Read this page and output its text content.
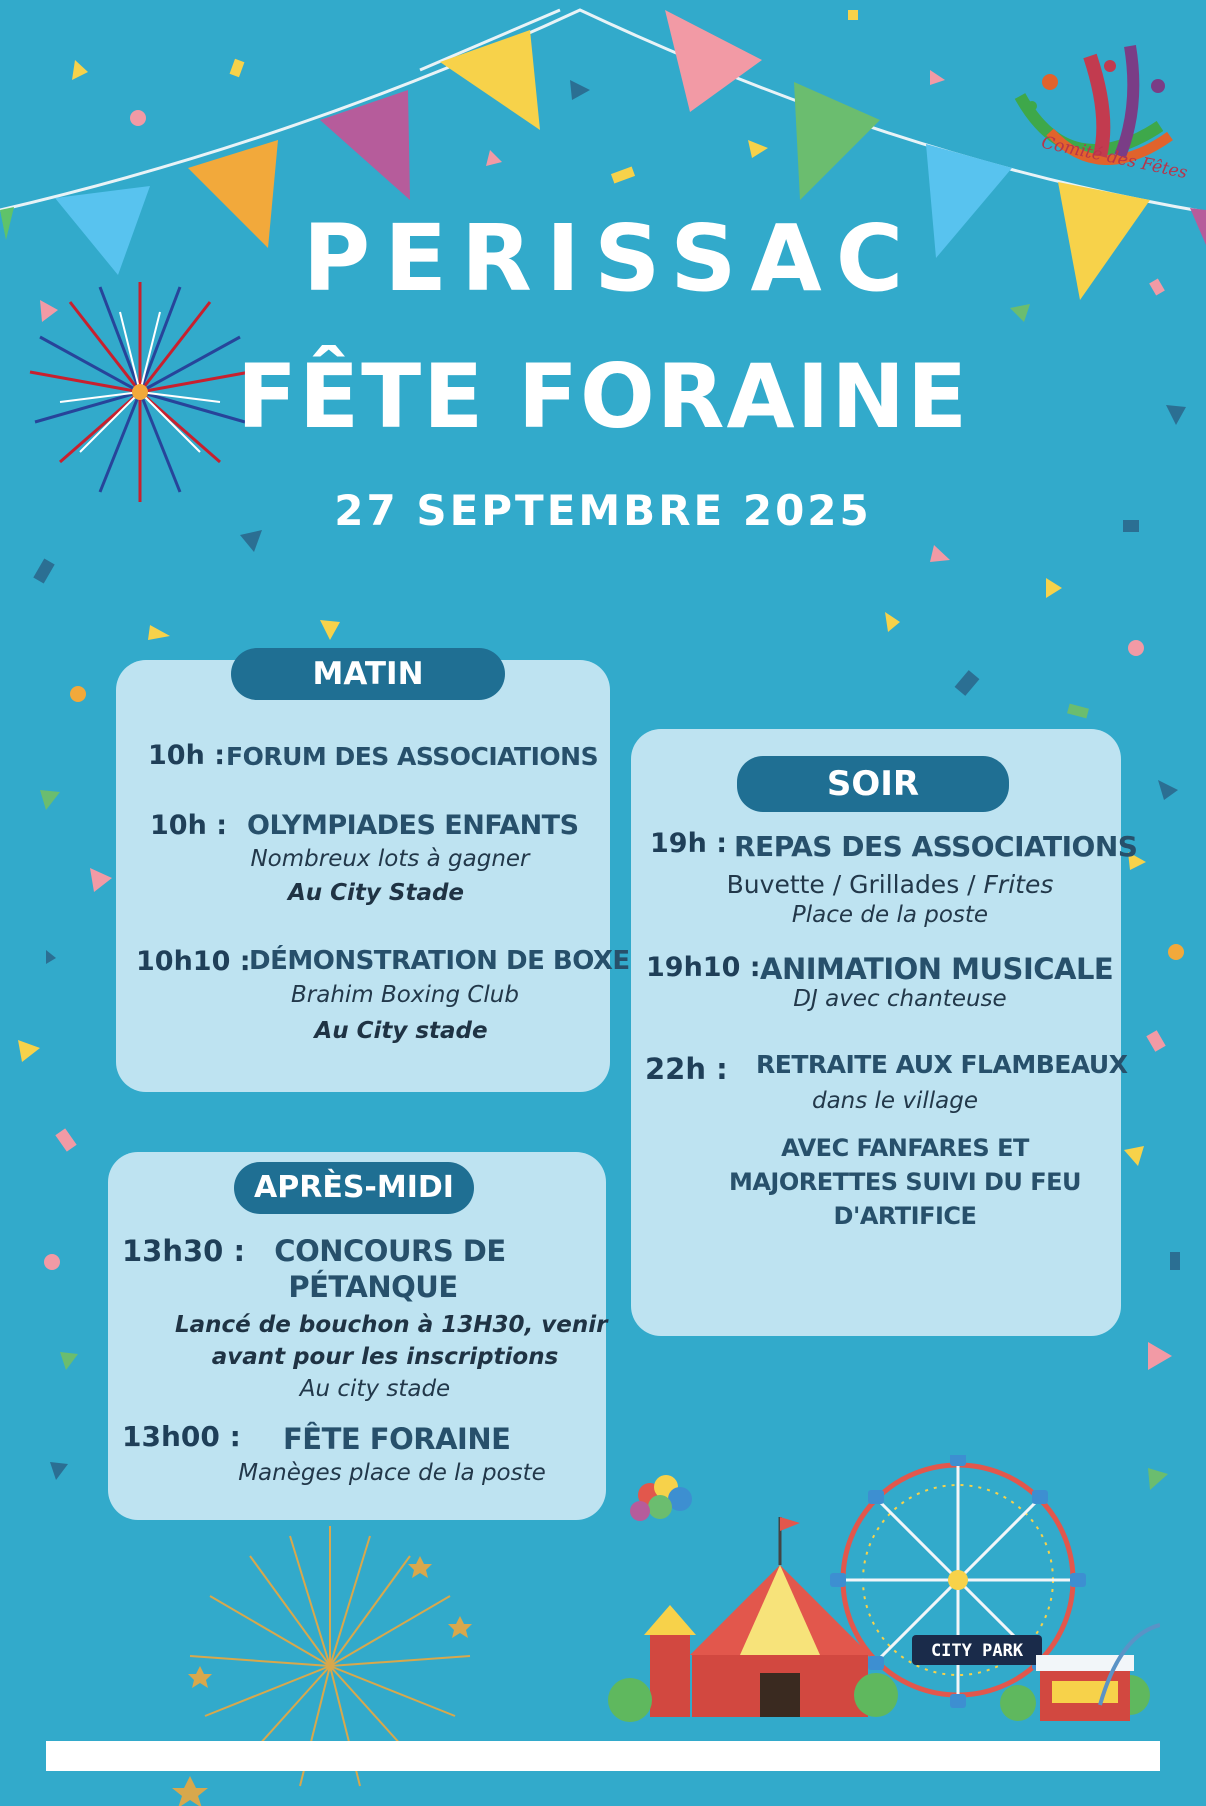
Comité des Fêtes
PERISSAC
FÊTE FORAINE
27 SEPTEMBRE 2025
MATIN
10h : FORUM DES ASSOCIATIONS
10h : OLYMPIADES ENFANTS
Nombreux lots à gagner
Au City Stade
10h10 :
DÉMONSTRATION DE BOXE
Brahim Boxing Club
Au City stade
SOIR
19h : REPAS DES ASSOCIATIONS
Buvette / Grillades / Frites
Place de la poste
19h10 : ANIMATION MUSICALE
DJ avec chanteuse
22h : RETRAITE AUX FLAMBEAUX
dans le village
AVEC FANFARES ET
MAJORETTES SUIVI DU FEU
D'ARTIFICE
APRÈS-MIDI
13h30 :	CONCOURS DE
PÉTANQUE
Lancé de bouchon à 13H30, venir
avant pour les inscriptions
Au city stade
13h00 : FÊTE FORAINE
Manèges place de la poste
CITY PARK
